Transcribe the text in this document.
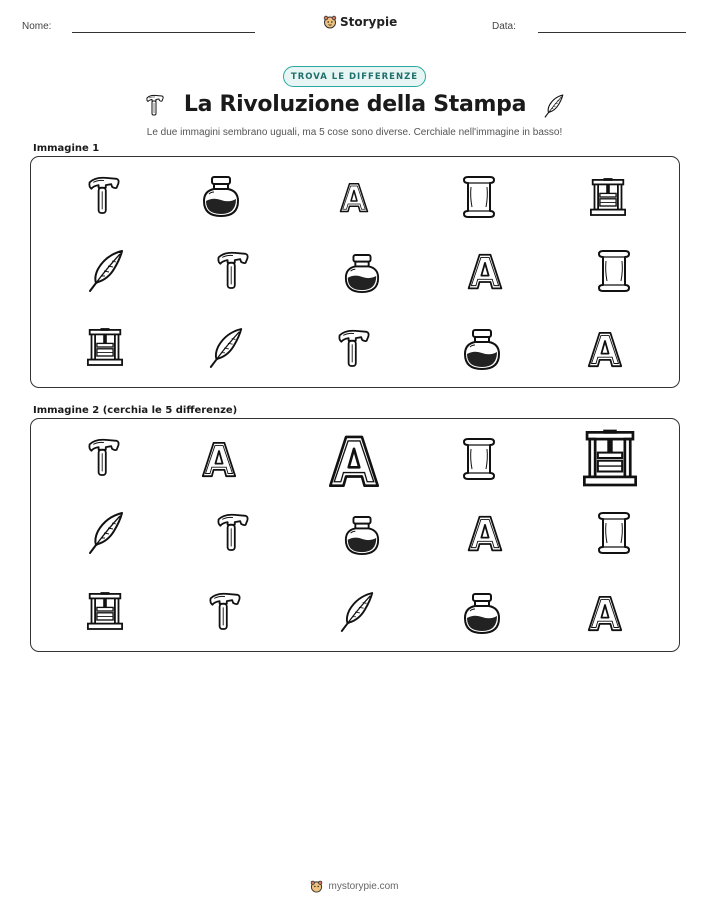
Nome:	Storypie	Data:
TROVA LE DIFFERENZE
La Rivoluzione della Stampa
Le due immagini sembrano uguali, ma 5 cose sono diverse. Cerchiale nell'immagine in basso!
Immagine 1
Immagine 2 (cerchia le 5 differenze)
mystorypie.com
